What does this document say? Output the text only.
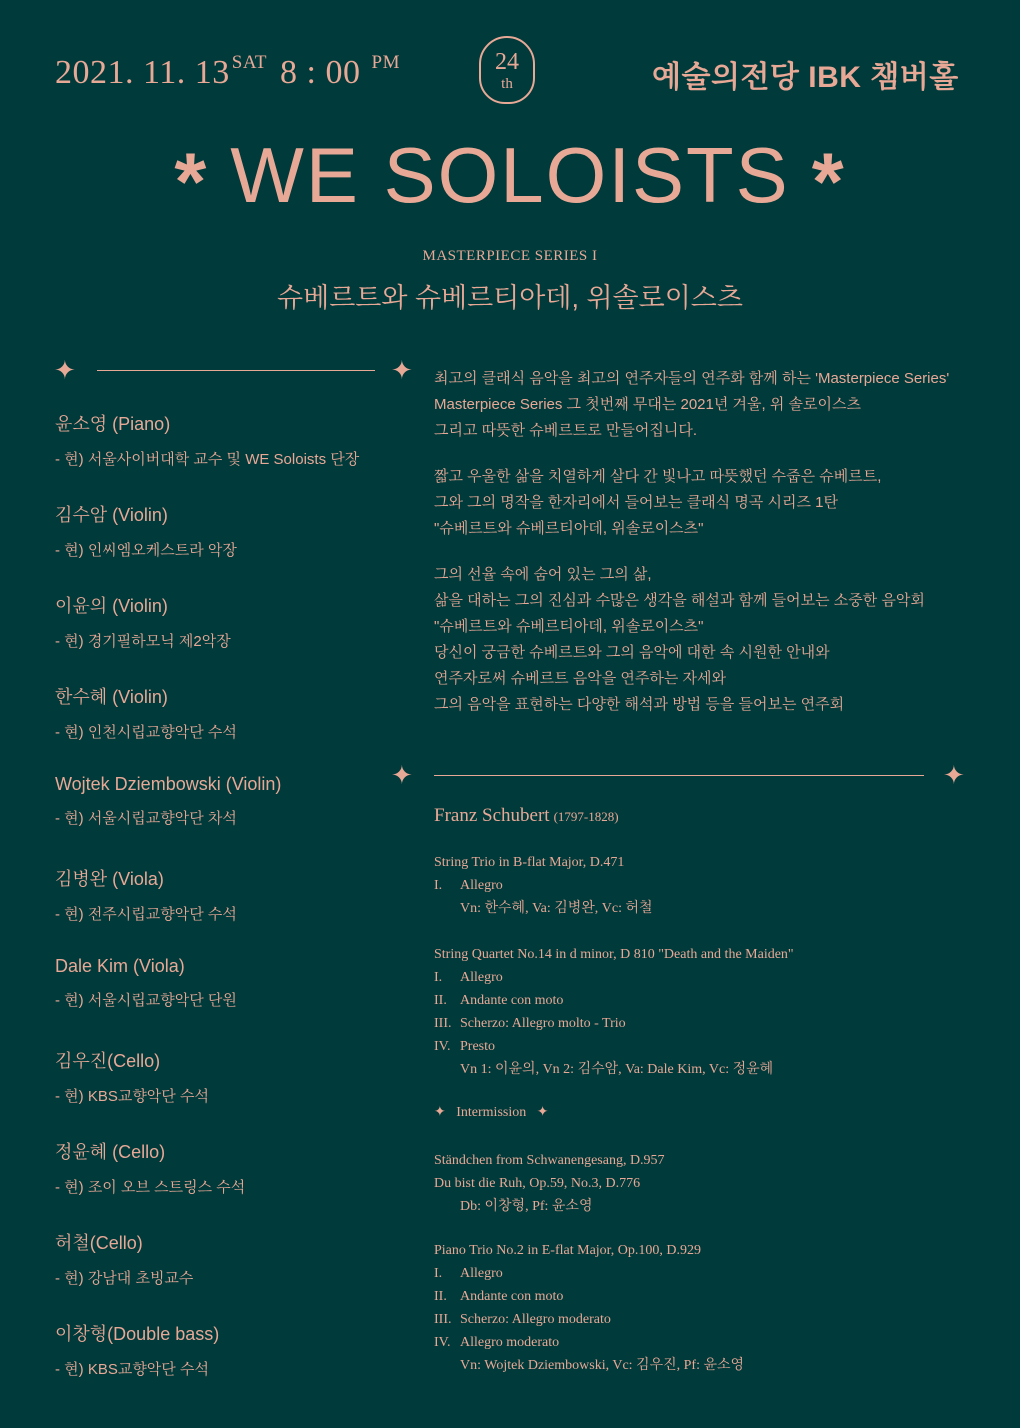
2021. 11. 13 $^{SAT}$ 8 : 00 $^{PM}$	24
th	예술의전당 IBK 챔버홀
* WE SOLOISTS *
MASTERPIECE SERIES I
슈베르트와 슈베르티아데, 위솔로이스츠
✦	✦
윤소영 (Piano)
- 현) 서울사이버대학 교수 및 WE Soloists 단장
김수암 (Violin)
- 현) 인씨엠오케스트라 악장
이윤의 (Violin)
- 현) 경기필하모닉 제2악장
한수혜 (Violin)
- 현) 인천시립교향악단 수석
Wojtek Dziembowski (Violin)
- 현) 서울시립교향악단 차석
김병완 (Viola)
- 현) 전주시립교향악단 수석
Dale Kim (Viola)
- 현) 서울시립교향악단 단원
김우진(Cello)
- 현) KBS교향악단 수석
정윤혜 (Cello)
- 현) 조이 오브 스트링스 수석
허철(Cello)
- 현) 강남대 초빙교수
이창형(Double bass)
- 현) KBS교향악단 수석
최고의 클래식 음악을 최고의 연주자들의 연주화 함께 하는 'Masterpiece Series'
Masterpiece Series 그 첫번째 무대는 2021년 겨울, 위 솔로이스츠
그리고 따뜻한 슈베르트로 만들어집니다.
짧고 우울한 삶을 치열하게 살다 간 빛나고 따뜻했던 수줍은 슈베르트,
그와 그의 명작을 한자리에서 들어보는 클래식 명곡 시리즈 1탄
"슈베르트와 슈베르티아데, 위솔로이스츠"
그의 선율 속에 숨어 있는 그의 삶,
삶을 대하는 그의 진심과 수많은 생각을 해설과 함께 들어보는 소중한 음악회
"슈베르트와 슈베르티아데, 위솔로이스츠"
당신이 궁금한 슈베르트와 그의 음악에 대한 속 시원한 안내와
연주자로써 슈베르트 음악을 연주하는 자세와
그의 음악을 표현하는 다양한 해석과 방법 등을 들어보는 연주회
✦	✦
Franz Schubert (1797-1828)
String Trio in B-flat Major, D.471
I.	Allegro
Vn: 한수혜, Va: 김병완, Vc: 허철
String Quartet No.14 in d minor, D 810 "Death and the Maiden"
I.	Allegro
II. Andante con moto
III. Scherzo: Allegro molto - Trio
IV. Presto
Vn 1: 이윤의, Vn 2: 김수암, Va: Dale Kim, Vc: 정윤혜
✦ Intermission ✦
Ständchen from Schwanengesang, D.957
Du bist die Ruh, Op.59, No.3, D.776
Db: 이창형, Pf: 윤소영
Piano Trio No.2 in E-flat Major, Op.100, D.929
I.	Allegro
II. Andante con moto
III. Scherzo: Allegro moderato
IV. Allegro moderato
Vn: Wojtek Dziembowski, Vc: 김우진, Pf: 윤소영
